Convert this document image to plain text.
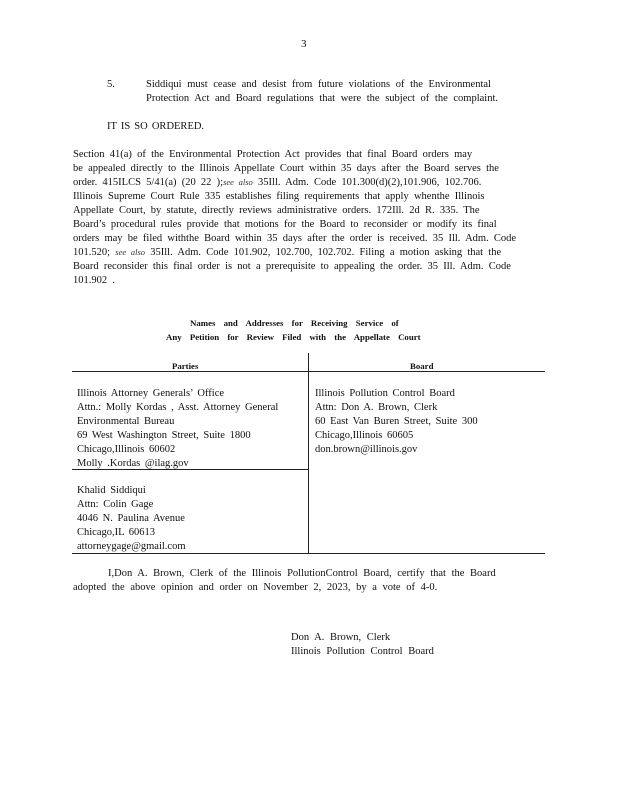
3
5.	Siddiqui must cease and desist from future violations of the Environmental
Protection Act and Board regulations that were the subject of the complaint.
IT IS SO ORDERED.
Section 41(a) of the Environmental Protection Act provides that final Board orders may
be appealed directly to the Illinois Appellate Court within 35 days after the Board serves the
order. 415ILCS 5/41(a) (20 22 );see also 35Ill. Adm. Code 101.300(d)(2),101.906, 102.706.
Illinois Supreme Court Rule 335 establishes filing requirements that apply whenthe Illinois
Appellate Court, by statute, directly reviews administrative orders. 172Ill. 2d R. 335. The
Board’s procedural rules provide that motions for the Board to reconsider or modify its final
orders may be filed withthe Board within 35 days after the order is received. 35 Ill. Adm. Code
101.520; see also 35Ill. Adm. Code 101.902, 102.700, 102.702. Filing a motion asking that the
Board reconsider this final order is not a prerequisite to appealing the order. 35 Ill. Adm. Code
101.902 .
Names and Addresses for Receiving Service of
Any Petition for Review Filed with the Appellate Court
Parties	Board
Illinois Attorney Generals’ Office
Attn.: Molly Kordas , Asst. Attorney General
Environmental Bureau
69 West Washington Street, Suite 1800
Chicago,Illinois 60602
Molly .Kordas @ilag.gov
Khalid Siddiqui
Attn: Colin Gage
4046 N. Paulina Avenue
Chicago,IL 60613
attorneygage@gmail.com
Illinois Pollution Control Board
Attn: Don A. Brown, Clerk
60 East Van Buren Street, Suite 300
Chicago,Illinois 60605
don.brown@illinois.gov
I,Don A. Brown, Clerk of the Illinois PollutionControl Board, certify that the Board
adopted the above opinion and order on November 2, 2023, by a vote of 4-0.
Don A. Brown, Clerk
Illinois Pollution Control Board
